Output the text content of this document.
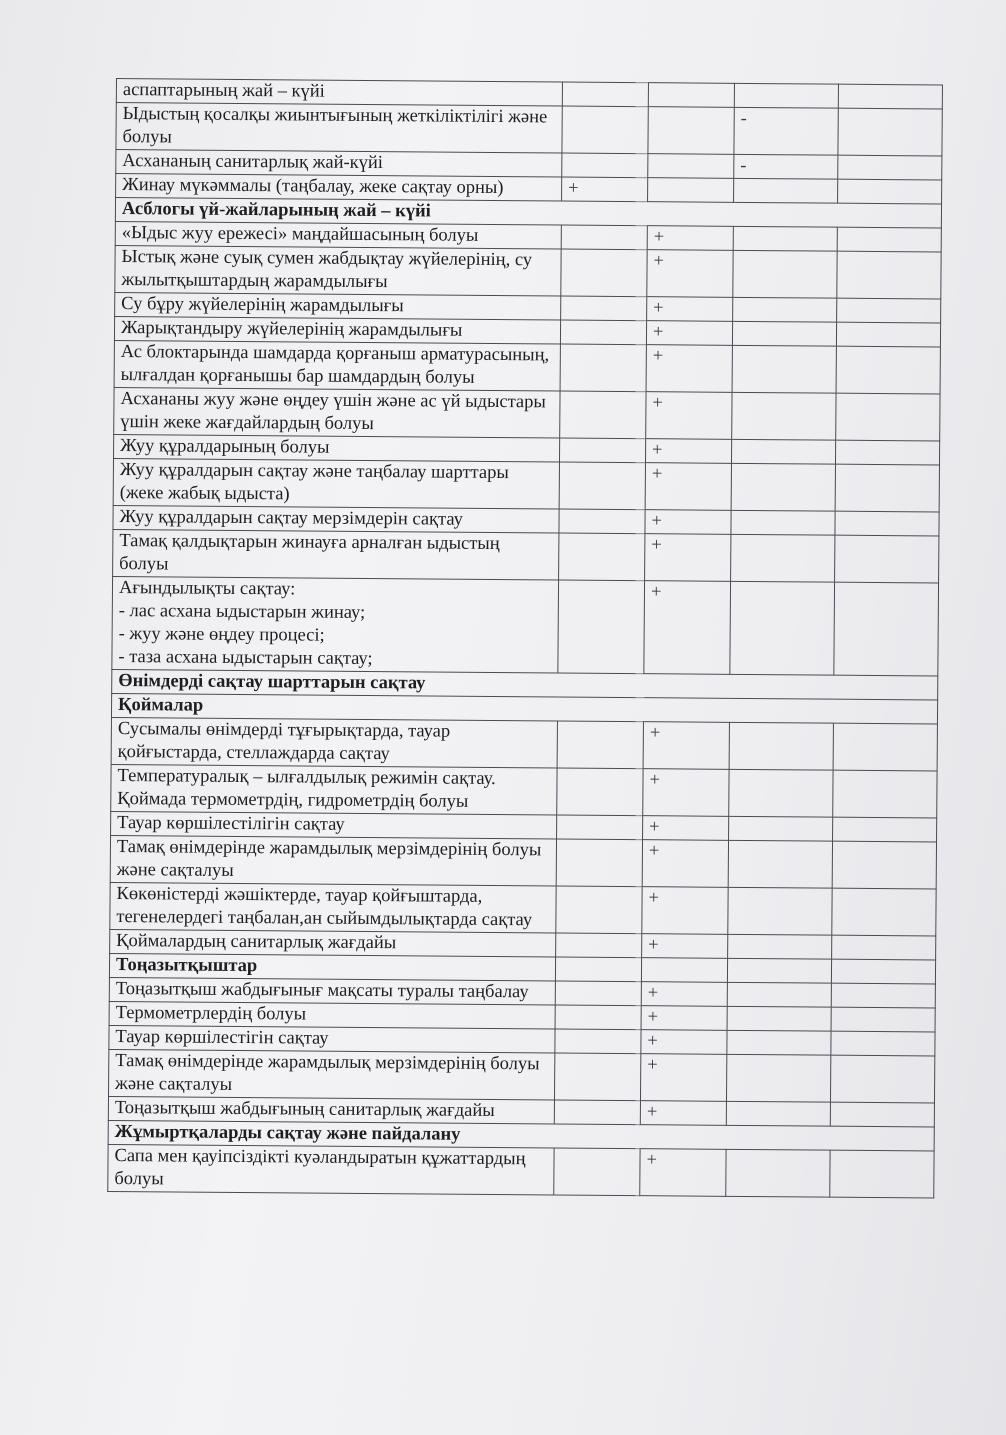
аспаптарының жай – күйі				
Ыдыстың қосалқы жиынтығының жеткіліктілігі және болуы			-	
Асхананың санитарлық жай-күйі			-	
Жинау мүкәммалы (таңбалау, жеке сақтау орны)	+			
Асблогы үй-жайларының жай – күйі				
«Ыдыс жуу ережесі» маңдайшасының болуы		+		
Ыстық және суық сумен жабдықтау жүйелерінің, су жылытқыштардың жарамдылығы		+		
Су бұру жүйелерінің жарамдылығы		+		
Жарықтандыру жүйелерінің жарамдылығы		+		
Ас блоктарында шамдарда қорғаныш арматурасының, ылғалдан қорғанышы бар шамдардың болуы		+		
Асхананы жуу және өңдеу үшін және ас үй ыдыстары үшін жеке жағдайлардың болуы		+		
Жуу құралдарының болуы		+		
Жуу құралдарын сақтау және таңбалау шарттары (жеке жабық ыдыста)		+		
Жуу құралдарын сақтау мерзімдерін сақтау		+		
Тамақ қалдықтарын жинауға арналған ыдыстың болуы		+		
Ағындылықты сақтау:
- лас асхана ыдыстарын жинау;
- жуу және өңдеу процесі;
- таза асхана ыдыстарын сақтау;		+		
Өнімдерді сақтау шарттарын сақтау				
Қоймалар				
Сусымалы өнімдерді тұғырықтарда, тауар қойғыстарда, стеллаждарда сақтау		+		
Температуралық – ылғалдылық режимін сақтау. Қоймада термометрдің, гидрометрдің болуы		+		
Тауар көршілестілігін сақтау		+		
Тамақ өнімдерінде жарамдылық мерзімдерінің болуы және сақталуы		+		
Көкөністерді жәшіктерде, тауар қойғыштарда, тегенелердегі таңбалан,ан сыйымдылықтарда сақтау		+		
Қоймалардың санитарлық жағдайы		+		
Тоңазытқыштар				
Тоңазытқыш жабдығынығ мақсаты туралы таңбалау		+		
Термометрлердің болуы		+		
Тауар көршілестігін сақтау		+		
Тамақ өнімдерінде жарамдылық мерзімдерінің болуы және сақталуы		+		
Тоңазытқыш жабдығының санитарлық жағдайы		+		
Жұмыртқаларды сақтау және пайдалану				
Сапа мен қауіпсіздікті куәландыратын құжаттардың болуы		+		
